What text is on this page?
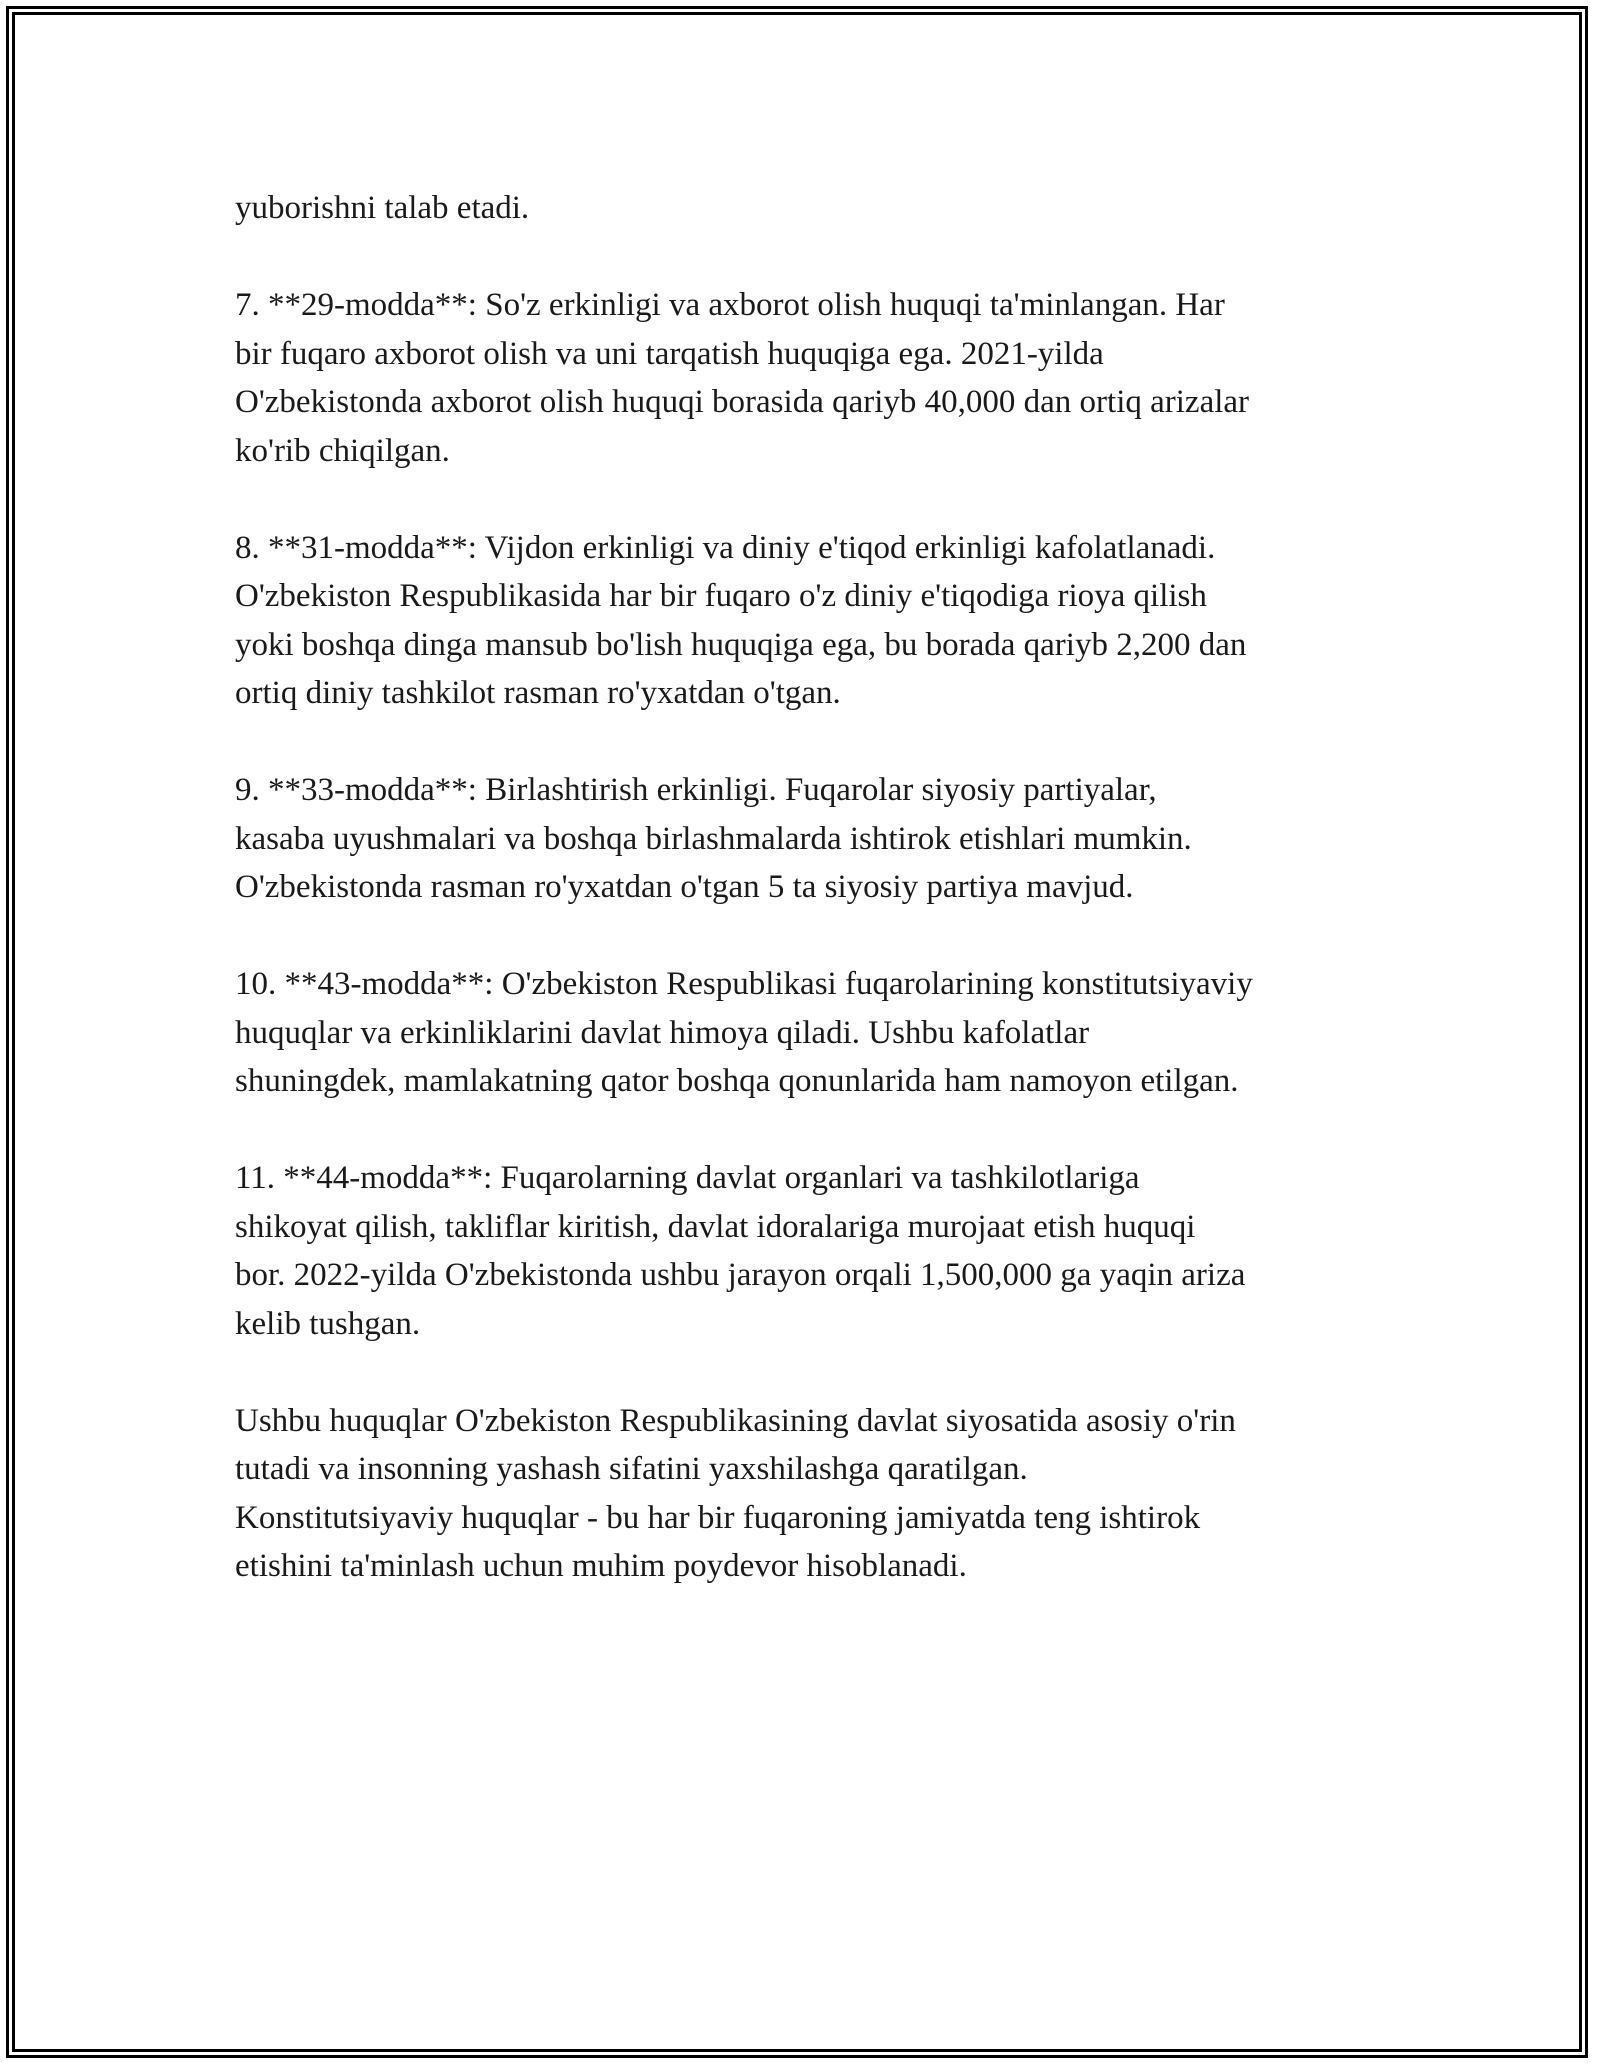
yuborishni talab etadi.

7. **29-modda**: So'z erkinligi va axborot olish huquqi ta'minlangan. Har
bir fuqaro axborot olish va uni tarqatish huquqiga ega. 2021-yilda
O'zbekistonda axborot olish huquqi borasida qariyb 40,000 dan ortiq arizalar
ko'rib chiqilgan.

8. **31-modda**: Vijdon erkinligi va diniy e'tiqod erkinligi kafolatlanadi.
O'zbekiston Respublikasida har bir fuqaro o'z diniy e'tiqodiga rioya qilish
yoki boshqa dinga mansub bo'lish huquqiga ega, bu borada qariyb 2,200 dan
ortiq diniy tashkilot rasman ro'yxatdan o'tgan.

9. **33-modda**: Birlashtirish erkinligi. Fuqarolar siyosiy partiyalar,
kasaba uyushmalari va boshqa birlashmalarda ishtirok etishlari mumkin.
O'zbekistonda rasman ro'yxatdan o'tgan 5 ta siyosiy partiya mavjud.

10. **43-modda**: O'zbekiston Respublikasi fuqarolarining konstitutsiyaviy
huquqlar va erkinliklarini davlat himoya qiladi. Ushbu kafolatlar
shuningdek, mamlakatning qator boshqa qonunlarida ham namoyon etilgan.

11. **44-modda**: Fuqarolarning davlat organlari va tashkilotlariga
shikoyat qilish, takliflar kiritish, davlat idoralariga murojaat etish huquqi
bor. 2022-yilda O'zbekistonda ushbu jarayon orqali 1,500,000 ga yaqin ariza
kelib tushgan.

Ushbu huquqlar O'zbekiston Respublikasining davlat siyosatida asosiy o'rin
tutadi va insonning yashash sifatini yaxshilashga qaratilgan.
Konstitutsiyaviy huquqlar - bu har bir fuqaroning jamiyatda teng ishtirok
etishini ta'minlash uchun muhim poydevor hisoblanadi.
